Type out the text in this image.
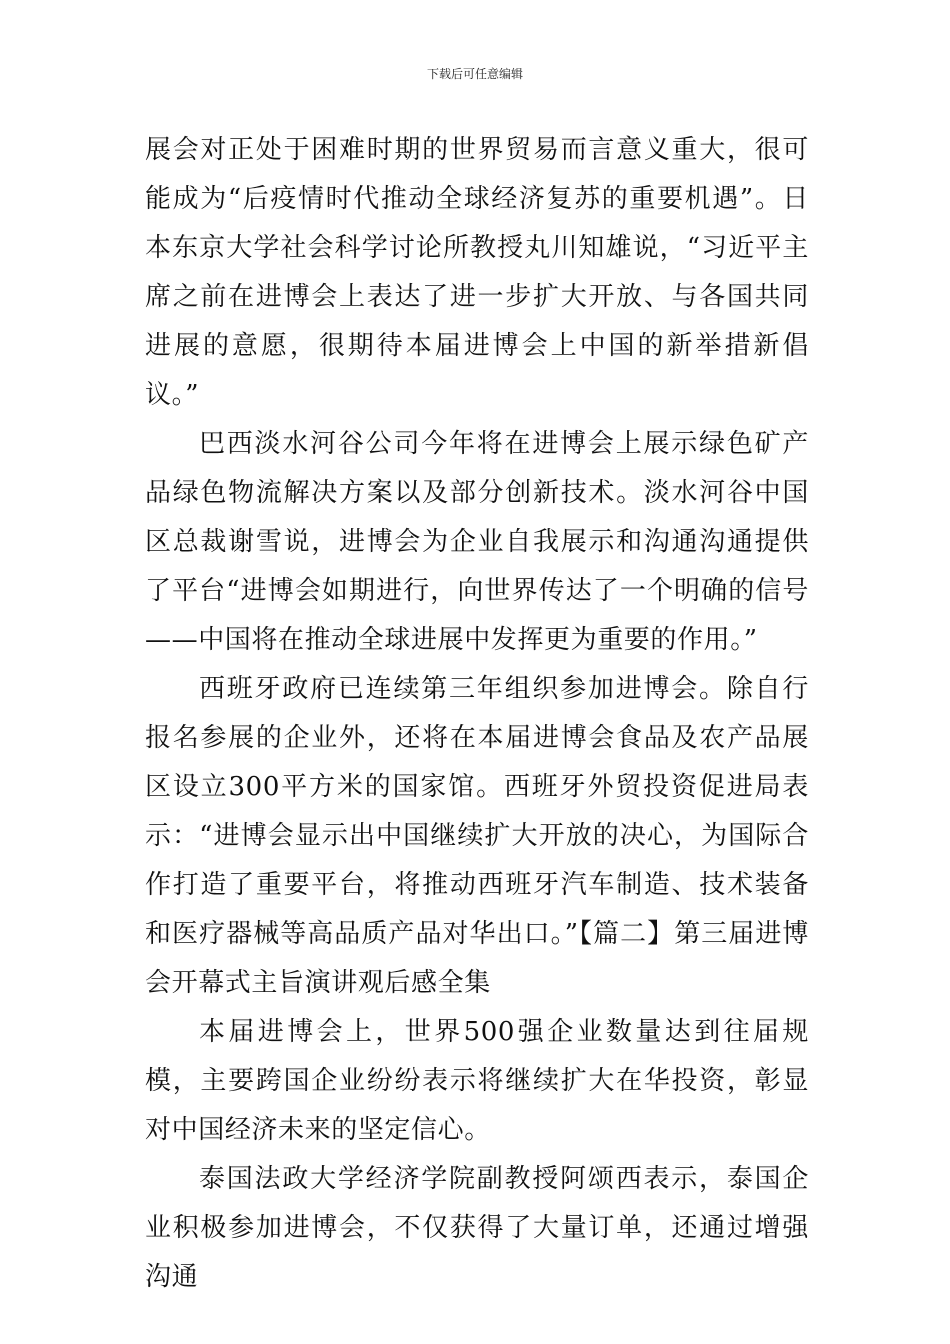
下载后可任意编辑

展会对正处于困难时期的世界贸易而言意义重大，很可能成为“后疫情时代推动全球经济复苏的重要机遇”。日本东京大学社会科学讨论所教授丸川知雄说，“习近平主席之前在进博会上表达了进一步扩大开放、与各国共同进展的意愿，很期待本届进博会上中国的新举措新倡议。”

巴西淡水河谷公司今年将在进博会上展示绿色矿产品绿色物流解决方案以及部分创新技术。淡水河谷中国区总裁谢雪说，进博会为企业自我展示和沟通沟通提供了平台“进博会如期进行，向世界传达了一个明确的信号——中国将在推动全球进展中发挥更为重要的作用。”

西班牙政府已连续第三年组织参加进博会。除自行报名参展的企业外，还将在本届进博会食品及农产品展区设立300平方米的国家馆。西班牙外贸投资促进局表示：“进博会显示出中国继续扩大开放的决心，为国际合作打造了重要平台，将推动西班牙汽车制造、技术装备和医疗器械等高品质产品对华出口。”【篇二】第三届进博会开幕式主旨演讲观后感全集

本届进博会上，世界500强企业数量达到往届规模，主要跨国企业纷纷表示将继续扩大在华投资，彰显对中国经济未来的坚定信心。

泰国法政大学经济学院副教授阿颂西表示，泰国企业积极参加进博会，不仅获得了大量订单，还通过增强沟通
